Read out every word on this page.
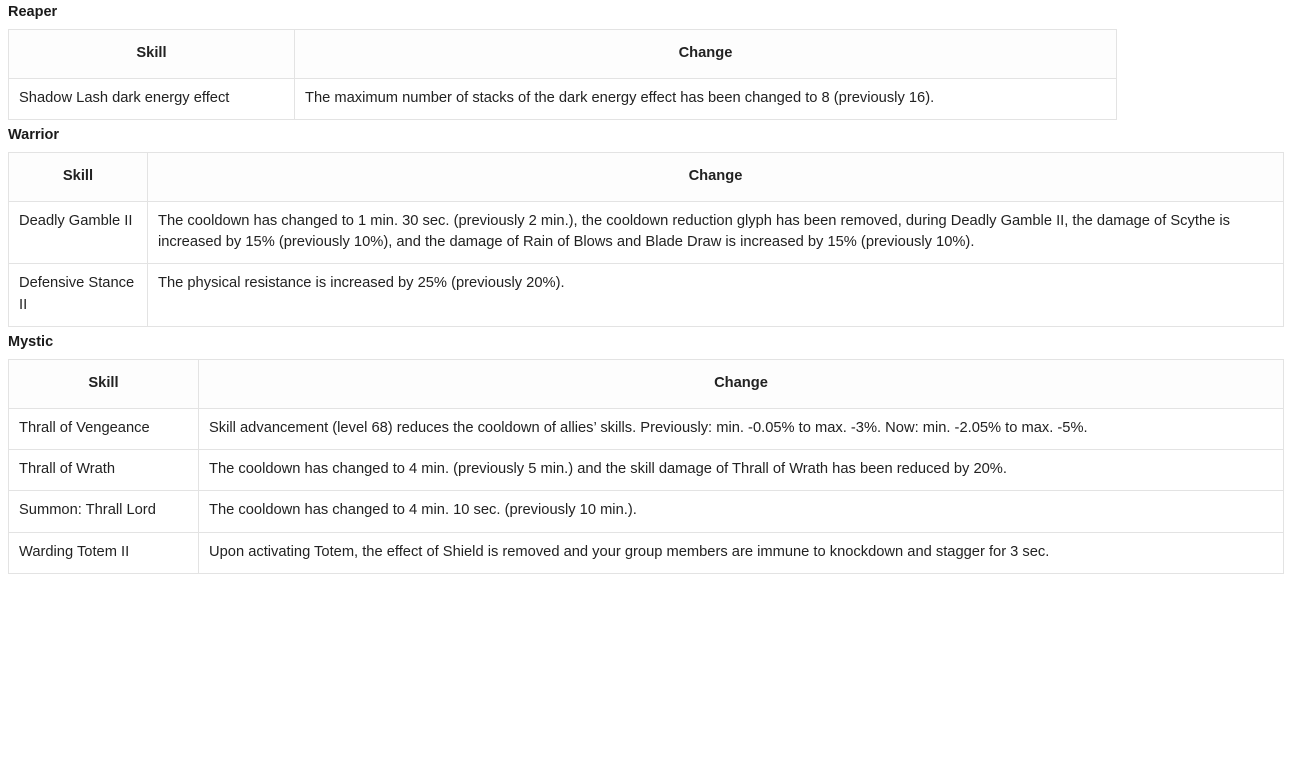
Reaper
Skill	Change
Shadow Lash dark energy effect	The maximum number of stacks of the dark energy effect has been changed to 8 (previously 16).
Warrior
Skill	Change
Deadly Gamble II	The cooldown has changed to 1 min. 30 sec. (previously 2 min.), the cooldown reduction glyph has been removed, during Deadly Gamble II, the damage of Scythe is increased by 15% (previously 10%), and the damage of Rain of Blows and Blade Draw is increased by 15% (previously 10%).
Defensive Stance II	The physical resistance is increased by 25% (previously 20%).
Mystic
Skill	Change
Thrall of Vengeance	Skill advancement (level 68) reduces the cooldown of allies’ skills. Previously: min. -0.05% to max. -3%. Now: min. -2.05% to max. -5%.
Thrall of Wrath	The cooldown has changed to 4 min. (previously 5 min.) and the skill damage of Thrall of Wrath has been reduced by 20%.
Summon: Thrall Lord	The cooldown has changed to 4 min. 10 sec. (previously 10 min.).
Warding Totem II	Upon activating Totem, the effect of Shield is removed and your group members are immune to knockdown and stagger for 3 sec.
